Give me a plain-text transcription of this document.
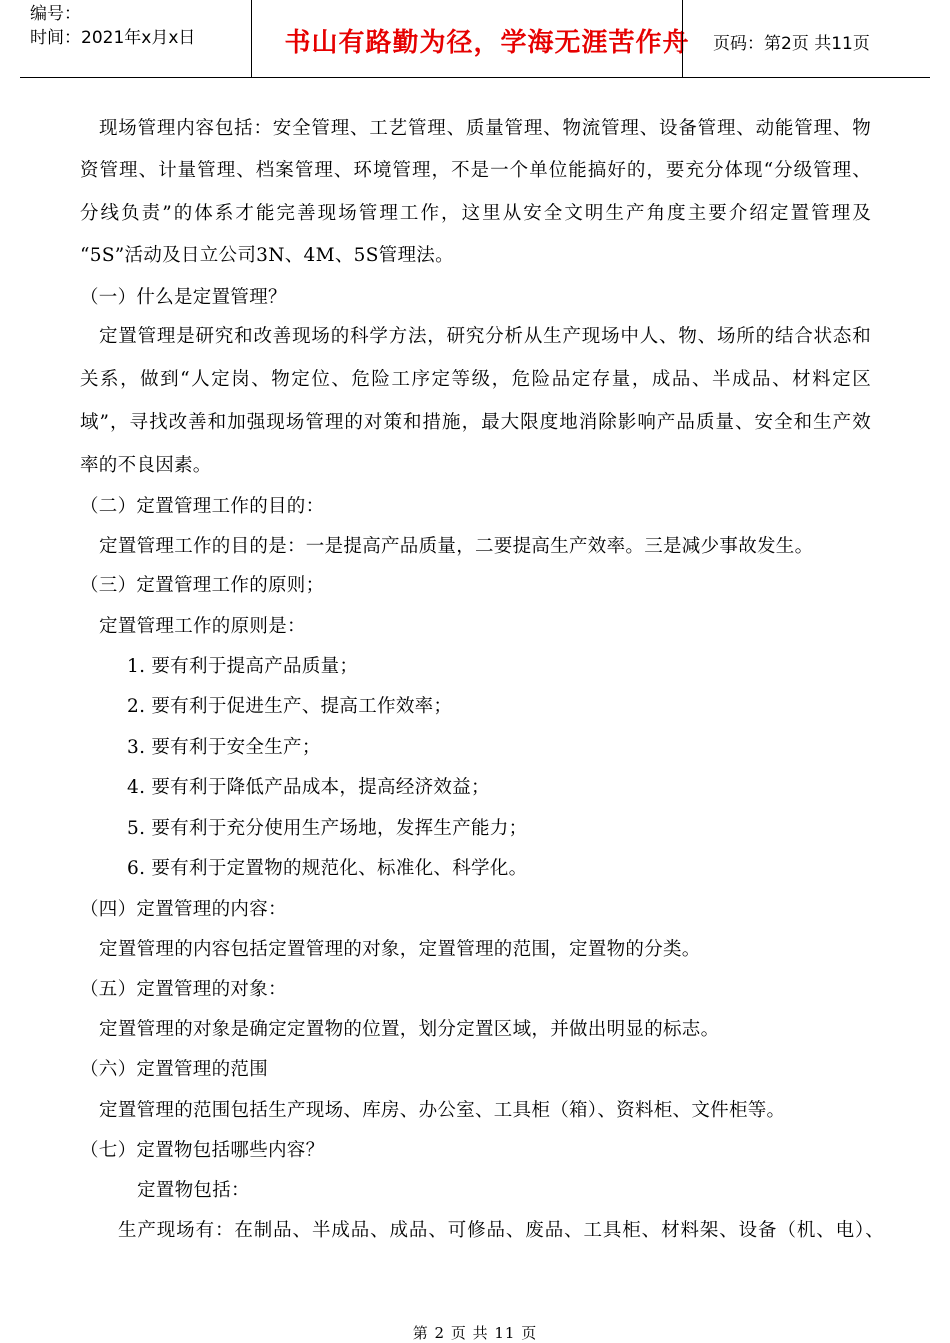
编号：
时间：2021年x月x日	书山有路勤为径，学海无涯苦作舟	页码：第2页 共11页
现场管理内容包括：安全管理、工艺管理、质量管理、物流管理、设备管理、动能管理、物
资管理、计量管理、档案管理、环境管理，不是一个单位能搞好的，要充分体现“分级管理、
分线负责”的体系才能完善现场管理工作，这里从安全文明生产角度主要介绍定置管理及
“5S”活动及日立公司3N、4M、5S管理法。
（一）什么是定置管理？
定置管理是研究和改善现场的科学方法，研究分析从生产现场中人、物、场所的结合状态和
关系，做到“人定岗、物定位、危险工序定等级，危险品定存量，成品、半成品、材料定区
域”，寻找改善和加强现场管理的对策和措施，最大限度地消除影响产品质量、安全和生产效
率的不良因素。
（二）定置管理工作的目的：
定置管理工作的目的是：一是提高产品质量，二要提高生产效率。三是减少事故发生。
（三）定置管理工作的原则；
定置管理工作的原则是：
1. 要有利于提高产品质量；
2. 要有利于促进生产、提高工作效率；
3. 要有利于安全生产；
4. 要有利于降低产品成本，提高经济效益；
5. 要有利于充分使用生产场地，发挥生产能力；
6. 要有利于定置物的规范化、标准化、科学化。
（四）定置管理的内容：
定置管理的内容包括定置管理的对象，定置管理的范围，定置物的分类。
（五）定置管理的对象：
定置管理的对象是确定定置物的位置，划分定置区域，并做出明显的标志。
（六）定置管理的范围
定置管理的范围包括生产现场、库房、办公室、工具柜（箱）、资料柜、文件柜等。
（七）定置物包括哪些内容？
定置物包括：
生产现场有：在制品、半成品、成品、可修品、废品、工具柜、材料架、设备（机、电）、
第 2 页 共 11 页
